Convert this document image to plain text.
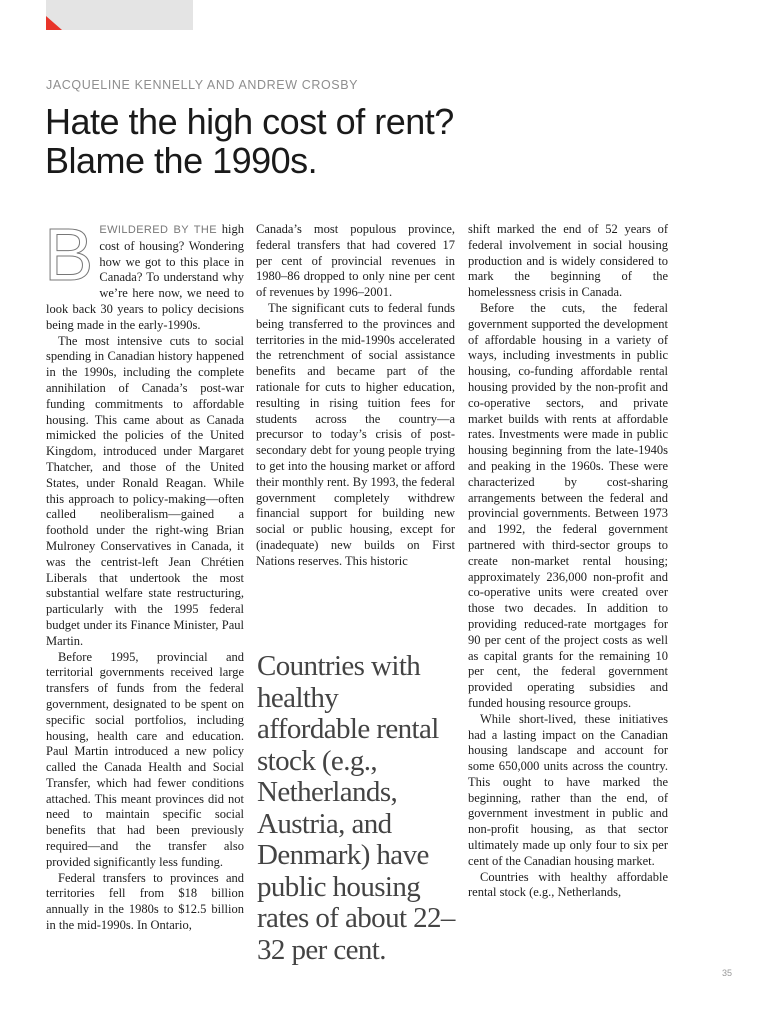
JACQUELINE KENNELLY AND ANDREW CROSBY
Hate the high cost of rent?
Blame the 1990s.

BEWILDERED BY THE high cost of housing? Wondering how we got to this place in Canada? To understand why we’re here now, we need to look back 30 years to policy decisions being made in the early-1990s.

The most intensive cuts to social spending in Canadian history happened in the 1990s, including the complete annihilation of Canada’s post-war funding commitments to affordable housing. This came about as Canada mimicked the policies of the United Kingdom, introduced under Margaret Thatcher, and those of the United States, under Ronald Reagan. While this approach to policy-making—often called neoliberalism—gained a foothold under the right-wing Brian Mulroney Conservatives in Canada, it was the centrist-left Jean Chrétien Liberals that undertook the most substantial welfare state restructuring, particularly with the 1995 federal budget under its Finance Minister, Paul Martin.

Before 1995, provincial and territorial governments received large transfers of funds from the federal government, designated to be spent on specific social portfolios, including housing, health care and education. Paul Martin introduced a new policy called the Canada Health and Social Transfer, which had fewer conditions attached. This meant provinces did not need to maintain specific social benefits that had been previously required—and the transfer also provided significantly less funding.

Federal transfers to provinces and territories fell from $18 billion annually in the 1980s to $12.5 billion in the mid-1990s. In Ontario,

Canada’s most populous province, federal transfers that had covered 17 per cent of provincial revenues in 1980–86 dropped to only nine per cent of revenues by 1996–2001.

The significant cuts to federal funds being transferred to the provinces and territories in the mid-1990s accelerated the retrenchment of social assistance benefits and became part of the rationale for cuts to higher education, resulting in rising tuition fees for students across the country—a precursor to today’s crisis of post-secondary debt for young people trying to get into the housing market or afford their monthly rent. By 1993, the federal government completely withdrew financial support for building new social or public housing, except for (inadequate) new builds on First Nations reserves. This historic

Countries with healthy affordable rental stock (e.g., Netherlands, Austria, and Denmark) have public housing rates of about 22–32 per cent.

shift marked the end of 52 years of federal involvement in social housing production and is widely considered to mark the beginning of the homelessness crisis in Canada.

Before the cuts, the federal government supported the development of affordable housing in a variety of ways, including investments in public housing, co-funding affordable rental housing provided by the non-profit and co-operative sectors, and private market builds with rents at affordable rates. Investments were made in public housing beginning from the late-1940s and peaking in the 1960s. These were characterized by cost-sharing arrangements between the federal and provincial governments. Between 1973 and 1992, the federal government partnered with third-sector groups to create non-market rental housing; approximately 236,000 non-profit and co-operative units were created over those two decades. In addition to providing reduced-rate mortgages for 90 per cent of the project costs as well as capital grants for the remaining 10 per cent, the federal government provided operating subsidies and funded housing resource groups.

While short-lived, these initiatives had a lasting impact on the Canadian housing landscape and account for some 650,000 units across the country. This ought to have marked the beginning, rather than the end, of government investment in public and non-profit housing, as that sector ultimately made up only four to six per cent of the Canadian housing market.

Countries with healthy affordable rental stock (e.g., Netherlands,

35
